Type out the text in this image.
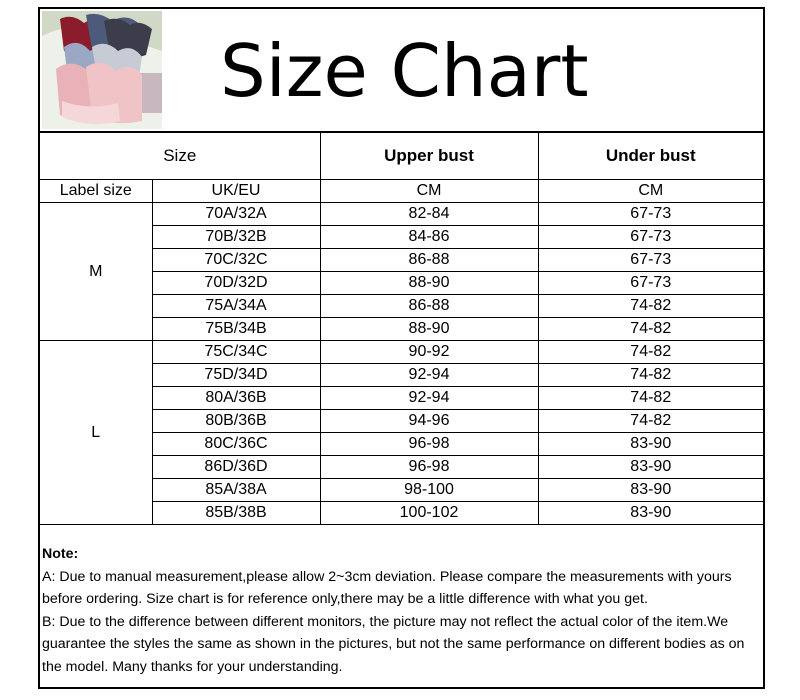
Size Chart
Size		Upper bust	Under bust
Label size	UK/EU	CM	CM
M	70A/32A	82-84	67-73
	70B/32B	84-86	67-73
	70C/32C	86-88	67-73
	70D/32D	88-90	67-73
	75A/34A	86-88	74-82
	75B/34B	88-90	74-82
L	75C/34C	90-92	74-82
	75D/34D	92-94	74-82
	80A/36B	92-94	74-82
	80B/36B	94-96	74-82
	80C/36C	96-98	83-90
	86D/36D	96-98	83-90
	85A/38A	98-100	83-90
	85B/38B	100-102	83-90

Note:

A: Due to manual measurement,please allow 2~3cm deviation. Please compare the measurements with yours before ordering. Size chart is for reference only,there may be a little difference with what you get.

B: Due to the difference between different monitors, the picture may not reflect the actual color of the item.We guarantee the styles the same as shown in the pictures, but not the same performance on different bodies as on the model. Many thanks for your understanding.
